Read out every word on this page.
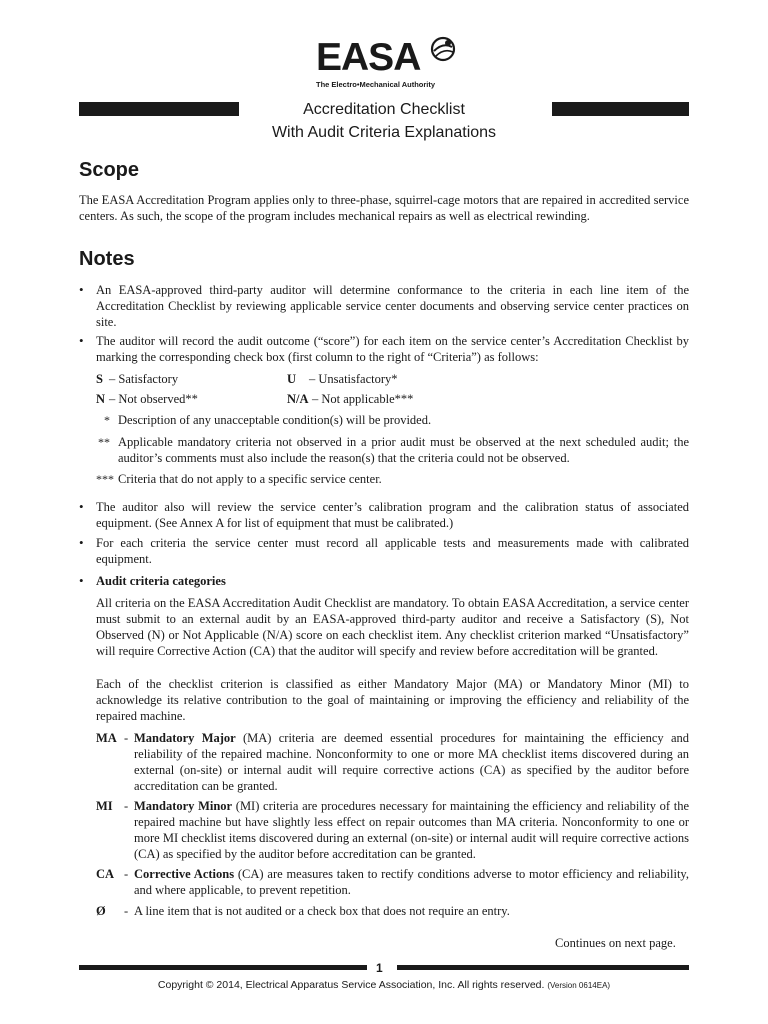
EASA
The Electro•Mechanical Authority
Accreditation Checklist
With Audit Criteria Explanations
Scope
The EASA Accreditation Program applies only to three-phase, squirrel-cage motors that are repaired in accredited service centers. As such, the scope of the program includes mechanical repairs as well as electrical rewinding.
Notes
• An EASA-approved third-party auditor will determine conformance to the criteria in each line item of the Accreditation Checklist by reviewing applicable service center documents and observing service center practices on site.
• The auditor will record the audit outcome (“score”) for each item on the service center’s Accreditation Checklist by marking the corresponding check box (first column to the right of “Criteria”) as follows:
S – Satisfactory	U – Unsatisfactory*
N – Not observed**	N/A – Not applicable***
* Description of any unacceptable condition(s) will be provided.
** Applicable mandatory criteria not observed in a prior audit must be observed at the next scheduled audit; the auditor’s comments must also include the reason(s) that the criteria could not be observed.
*** Criteria that do not apply to a specific service center.
• The auditor also will review the service center’s calibration program and the calibration status of associated equipment. (See Annex A for list of equipment that must be calibrated.)
• For each criteria the service center must record all applicable tests and measurements made with calibrated equipment.
• Audit criteria categories
All criteria on the EASA Accreditation Audit Checklist are mandatory. To obtain EASA Accreditation, a service center must submit to an external audit by an EASA-approved third-party auditor and receive a Satisfactory (S), Not Observed (N) or Not Applicable (N/A) score on each checklist item. Any checklist criterion marked “Unsatisfactory” will require Corrective Action (CA) that the auditor will specify and review before accreditation will be granted.
Each of the checklist criterion is classified as either Mandatory Major (MA) or Mandatory Minor (MI) to acknowledge its relative contribution to the goal of maintaining or improving the efficiency and reliability of the repaired machine.
MA - Mandatory Major (MA) criteria are deemed essential procedures for maintaining the efficiency and reliability of the repaired machine. Nonconformity to one or more MA checklist items discovered during an external (on-site) or internal audit will require corrective actions (CA) as specified by the auditor before accreditation can be granted.
MI - Mandatory Minor (MI) criteria are procedures necessary for maintaining the efficiency and reliability of the repaired machine but have slightly less effect on repair outcomes than MA criteria. Nonconformity to one or more MI checklist items discovered during an external (on-site) or internal audit will require corrective actions (CA) as specified by the auditor before accreditation can be granted.
CA - Corrective Actions (CA) are measures taken to rectify conditions adverse to motor efficiency and reliability, and where applicable, to prevent repetition.
Ø - A line item that is not audited or a check box that does not require an entry.
Continues on next page.
1
Copyright © 2014, Electrical Apparatus Service Association, Inc. All rights reserved. (Version 0614EA)
